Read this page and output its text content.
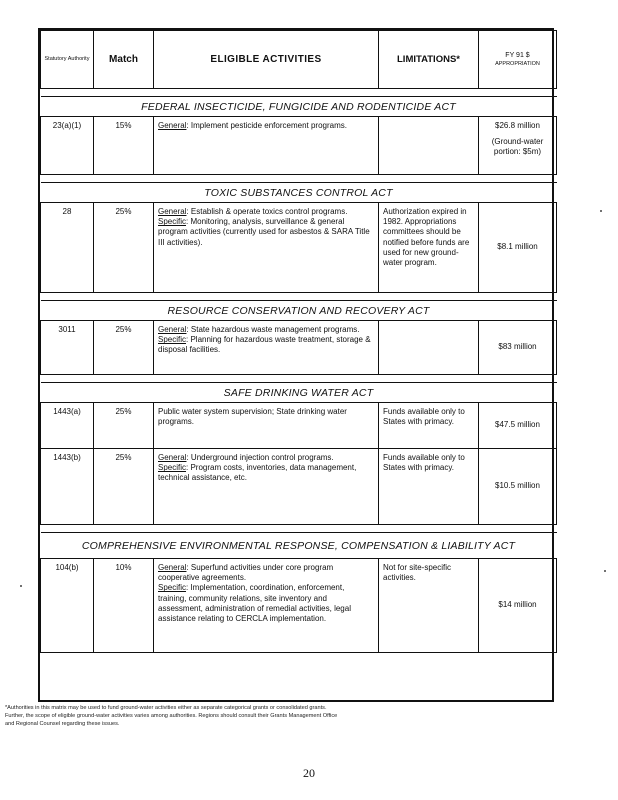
Statutory Authority	Match	ELIGIBLE ACTIVITIES	LIMITATIONS*	FY 91 $
APPROPRIATION

FEDERAL INSECTICIDE, FUNGICIDE AND RODENTICIDE ACT				
23(a)(1)	15%	General: Implement pesticide enforcement programs.		$26.8 million
(Ground-water portion: $5m)

TOXIC SUBSTANCES CONTROL ACT				
28	25%	General: Establish & operate toxics control programs.
Specific: Monitoring, analysis, surveillance & general program activities (currently used for asbestos & SARA Title III activities).	Authorization expired in 1982. Appropriations committees should be notified before funds are used for new ground-water program.	$8.1 million

RESOURCE CONSERVATION AND RECOVERY ACT				
3011	25%	General: State hazardous waste management programs.
Specific: Planning for hazardous waste treatment, storage & disposal facilities.		$83 million

SAFE DRINKING WATER ACT				
1443(a)	25%	Public water system supervision; State drinking water programs.	Funds available only to States with primacy.	$47.5 million

1443(b)	25%	General: Underground injection control programs.
Specific: Program costs, inventories, data management, technical assistance, etc.	Funds available only to States with primacy.	$10.5 million

COMPREHENSIVE ENVIRONMENTAL RESPONSE, COMPENSATION & LIABILITY ACT				
104(b)	10%	General: Superfund activities under core program cooperative agreements.
Specific: Implementation, coordination, enforcement, training, community relations, site inventory and assessment, administration of remedial activities, legal assistance relating to CERCLA implementation.	Not for site-specific activities.	$14 million
*Authorities in this matrix may be used to fund ground-water activities either as separate categorical grants or consolidated grants.
Further, the scope of eligible ground-water activities varies among authorities. Regions should consult their Grants Management Office
and Regional Counsel regarding these issues.
20
